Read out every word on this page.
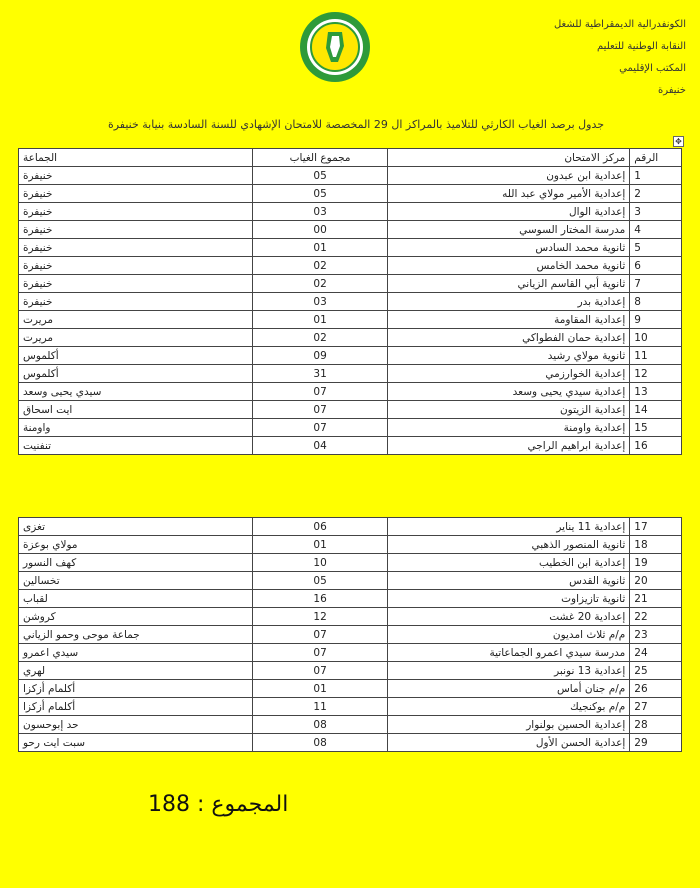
الكونفدرالية الديمقراطية للشغل
النقابة الوطنية للتعليم
المكتب الإقليمي
خنيفرة
جدول برصد الغياب الكارثي للتلاميذ بالمراكز ال 29 المخصصة للامتحان الإشهادي للسنة السادسة بنيابة خنيفرة
✥
الجماعة	مجموع الغياب	مركز الامتحان	الرقم
خنيفرة	05	إعدادية ابن عبدون	1
خنيفرة	05	إعدادية الأمير مولاي عبد الله	2
خنيفرة	03	إعدادية الوال	3
خنيفرة	00	مدرسة المختار السوسي	4
خنيفرة	01	ثانوية محمد السادس	5
خنيفرة	02	ثانوية محمد الخامس	6
خنيفرة	02	ثانوية أبي القاسم الزياني	7
خنيفرة	03	إعدادية بدر	8
مريرت	01	إعدادية المقاومة	9
مريرت	02	إعدادية حمان الفطواكي	10
أكلموس	09	ثانوية مولاي رشيد	11
أكلموس	31	إعدادية الخوارزمي	12
سيدي يحيى وسعد	07	إعدادية سيدي يحيى وسعد	13
ايت اسحاق	07	إعدادية الزيتون	14
واومنة	07	إعدادية واومنة	15
تنفنيت	04	إعدادية ابراهيم الراجي	16
تغزى	06	إعدادية 11 يناير	17
مولاي بوعزة	01	ثانوية المنصور الذهبي	18
كهف النسور	10	إعدادية ابن الخطيب	19
تخسالين	05	ثانوية القدس	20
لقباب	16	ثانوية تازيزاوت	21
كروشن	12	إعدادية 20 غشت	22
جماعة موحى وحمو الزياني	07	م/م ثلاث امديون	23
سيدي اعمرو	07	مدرسة سيدي اعمرو الجماعاتية	24
لهري	07	إعدادية 13 نونبر	25
أكلمام أزكزا	01	م/م جنان أماس	26
أكلمام أزكزا	11	م/م بوكنجيك	27
حد إبوحسون	08	إعدادية الحسين بولنوار	28
سبت ايت رحو	08	إعدادية الحسن الأول	29
المجموع : 188
